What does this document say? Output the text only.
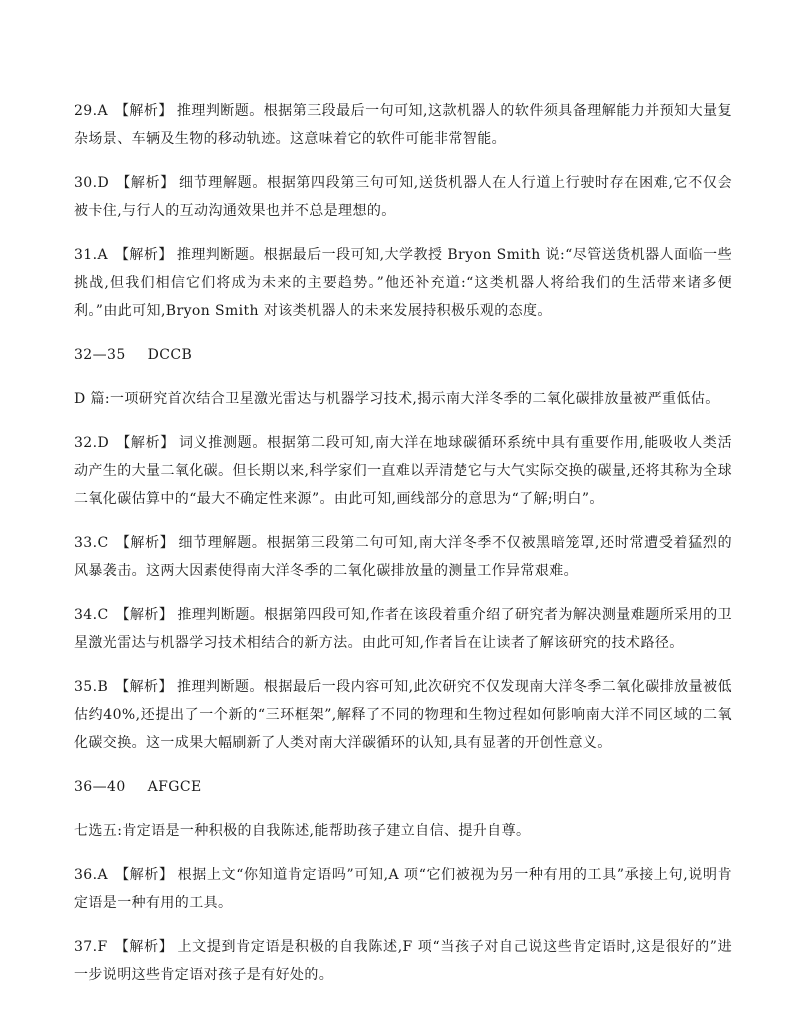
29.A 【解析】 推理判断题。根据第三段最后一句可知,这款机器人的软件须具备理解能力并预知大量复杂场景、车辆及生物的移动轨迹。这意味着它的软件可能非常智能。

30.D 【解析】 细节理解题。根据第四段第三句可知,送货机器人在人行道上行驶时存在困难,它不仅会被卡住,与行人的互动沟通效果也并不总是理想的。

31.A 【解析】 推理判断题。根据最后一段可知,大学教授 Bryon Smith 说:“尽管送货机器人面临一些挑战,但我们相信它们将成为未来的主要趋势。”他还补充道:“这类机器人将给我们的生活带来诸多便利。”由此可知,Bryon Smith 对该类机器人的未来发展持积极乐观的态度。

32—35 DCCB

D 篇:一项研究首次结合卫星激光雷达与机器学习技术,揭示南大洋冬季的二氧化碳排放量被严重低估。

32.D 【解析】 词义推测题。根据第二段可知,南大洋在地球碳循环系统中具有重要作用,能吸收人类活动产生的大量二氧化碳。但长期以来,科学家们一直难以弄清楚它与大气实际交换的碳量,还将其称为全球二氧化碳估算中的“最大不确定性来源”。由此可知,画线部分的意思为“了解;明白”。

33.C 【解析】 细节理解题。根据第三段第二句可知,南大洋冬季不仅被黑暗笼罩,还时常遭受着猛烈的风暴袭击。这两大因素使得南大洋冬季的二氧化碳排放量的测量工作异常艰难。

34.C 【解析】 推理判断题。根据第四段可知,作者在该段着重介绍了研究者为解决测量难题所采用的卫星激光雷达与机器学习技术相结合的新方法。由此可知,作者旨在让读者了解该研究的技术路径。

35.B 【解析】 推理判断题。根据最后一段内容可知,此次研究不仅发现南大洋冬季二氧化碳排放量被低估约40%,还提出了一个新的“三环框架”,解释了不同的物理和生物过程如何影响南大洋不同区域的二氧化碳交换。这一成果大幅刷新了人类对南大洋碳循环的认知,具有显著的开创性意义。

36—40 AFGCE

七选五:肯定语是一种积极的自我陈述,能帮助孩子建立自信、提升自尊。

36.A 【解析】 根据上文“你知道肯定语吗”可知,A 项“它们被视为另一种有用的工具”承接上句,说明肯定语是一种有用的工具。

37.F 【解析】 上文提到肯定语是积极的自我陈述,F 项“当孩子对自己说这些肯定语时,这是很好的”进一步说明这些肯定语对孩子是有好处的。
